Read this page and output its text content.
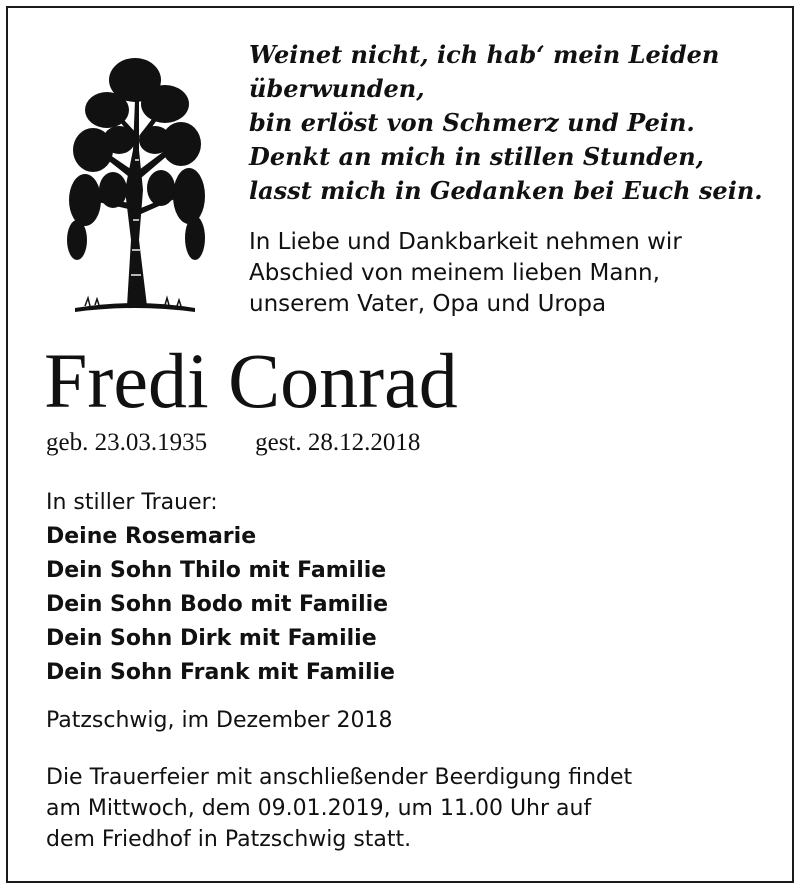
Weinet nicht, ich hab‘ mein Leiden
überwunden,
bin erlöst von Schmerz und Pein.
Denkt an mich in stillen Stunden,
lasst mich in Gedanken bei Euch sein.
In Liebe und Dankbarkeit nehmen wir
Abschied von meinem lieben Mann,
unserem Vater, Opa und Uropa
Fredi Conrad
geb. 23.03.1935 gest. 28.12.2018
In stiller Trauer:
Deine Rosemarie
Dein Sohn Thilo mit Familie
Dein Sohn Bodo mit Familie
Dein Sohn Dirk mit Familie
Dein Sohn Frank mit Familie
Patzschwig, im Dezember 2018
Die Trauerfeier mit anschließender Beerdigung findet
am Mittwoch, dem 09.01.2019, um 11.00 Uhr auf
dem Friedhof in Patzschwig statt.
